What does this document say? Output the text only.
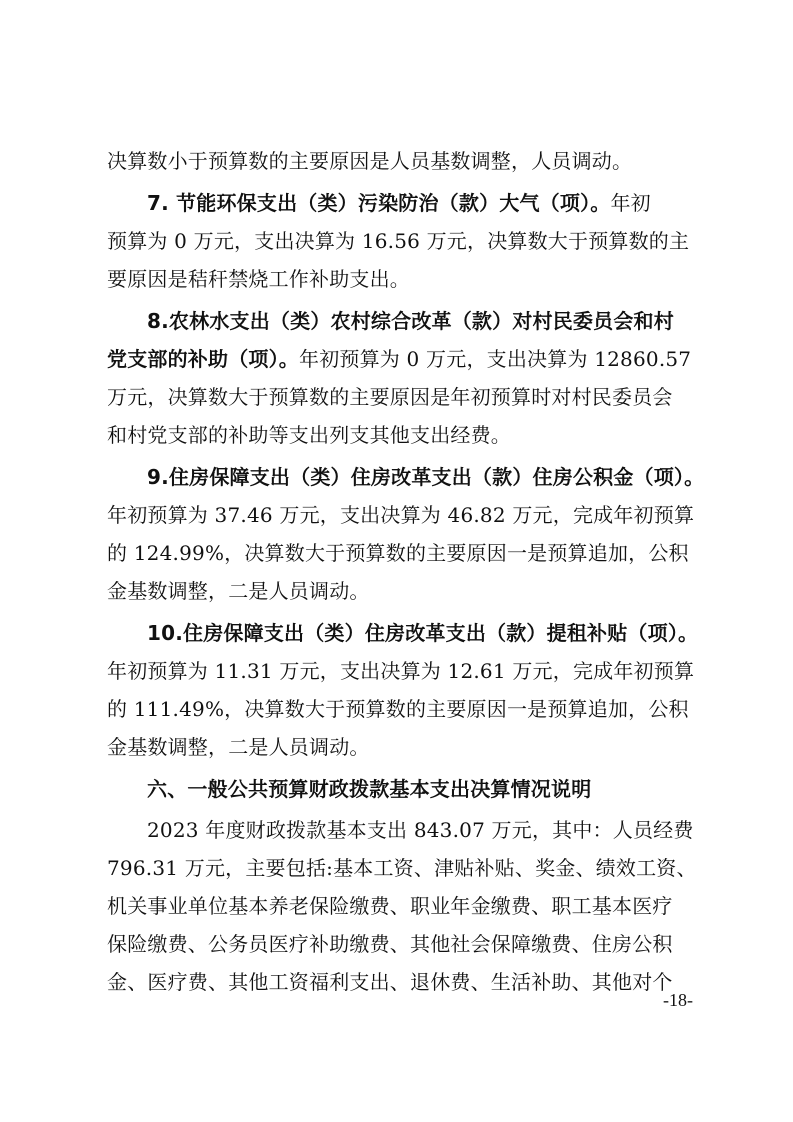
决算数小于预算数的主要原因是人员基数调整，人员调动。
7. 节能环保支出（类）污染防治（款）大气（项）。年初
预算为 0 万元，支出决算为 16.56 万元，决算数大于预算数的主
要原因是秸秆禁烧工作补助支出。
8.农林水支出（类）农村综合改革（款）对村民委员会和村
党支部的补助（项）。年初预算为 0 万元，支出决算为 12860.57
万元，决算数大于预算数的主要原因是年初预算时对村民委员会
和村党支部的补助等支出列支其他支出经费。
9.住房保障支出（类）住房改革支出（款）住房公积金（项）。
年初预算为 37.46 万元，支出决算为 46.82 万元，完成年初预算
的 124.99%，决算数大于预算数的主要原因一是预算追加，公积
金基数调整，二是人员调动。
10.住房保障支出（类）住房改革支出（款）提租补贴（项）。
年初预算为 11.31 万元，支出决算为 12.61 万元，完成年初预算
的 111.49%，决算数大于预算数的主要原因一是预算追加，公积
金基数调整，二是人员调动。
六、一般公共预算财政拨款基本支出决算情况说明
2023 年度财政拨款基本支出 843.07 万元，其中：人员经费
796.31 万元，主要包括:基本工资、津贴补贴、奖金、绩效工资、
机关事业单位基本养老保险缴费、职业年金缴费、职工基本医疗
保险缴费、公务员医疗补助缴费、其他社会保障缴费、住房公积
金、医疗费、其他工资福利支出、退休费、生活补助、其他对个
-18-
